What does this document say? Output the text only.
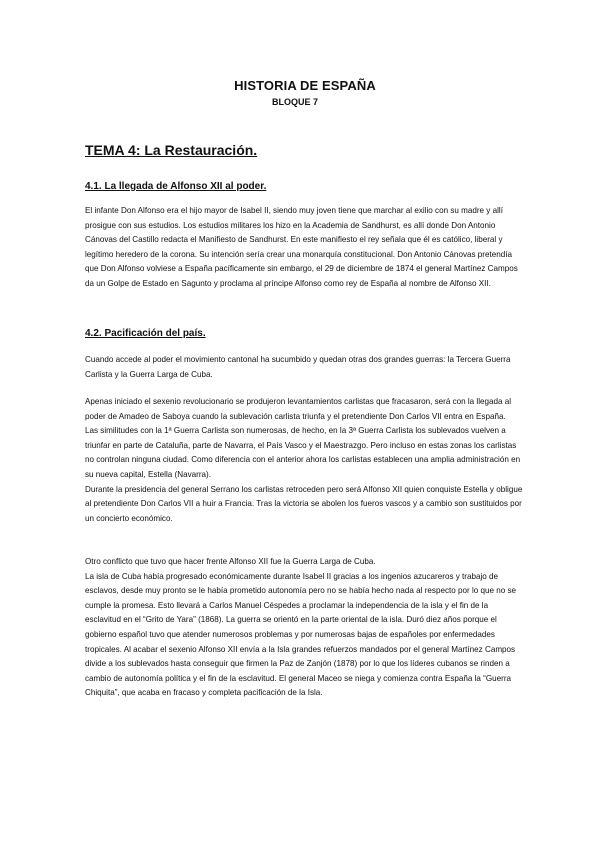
HISTORIA DE ESPAÑA
BLOQUE 7
TEMA 4: La Restauración.
4.1. La llegada de Alfonso XII al poder.

El infante Don Alfonso era el hijo mayor de Isabel II, siendo muy joven tiene que marchar al exilio con su madre y allí prosigue con sus estudios. Los estudios militares los hizo en la Academia de Sandhurst, es allí donde Don Antonio Cánovas del Castillo redacta el Manifiesto de Sandhurst. En este manifiesto el rey señala que él es católico, liberal y legítimo heredero de la corona. Su intención sería crear una monarquía constitucional. Don Antonio Cánovas pretendía que Don Alfonso volviese a España pacíficamente sin embargo, el 29 de diciembre de 1874 el general Martínez Campos da un Golpe de Estado en Sagunto y proclama al príncipe Alfonso como rey de España al nombre de Alfonso XII.

4.2. Pacificación del país.

Cuando accede al poder el movimiento cantonal ha sucumbido y quedan otras dos grandes guerras: la Tercera Guerra Carlista y la Guerra Larga de Cuba.

Apenas iniciado el sexenio revolucionario se produjeron levantamientos carlistas que fracasaron, será con la llegada al poder de Amadeo de Saboya cuando la sublevación carlista triunfa y el pretendiente Don Carlos VII entra en España.

Las similitudes con la 1ª Guerra Carlista son numerosas, de hecho, en la 3ª Guerra Carlista los sublevados vuelven a triunfar en parte de Cataluña, parte de Navarra, el País Vasco y el Maestrazgo. Pero incluso en estas zonas los carlistas no controlan ninguna ciudad. Como diferencia con el anterior ahora los carlistas establecen una amplia administración en su nueva capital, Estella (Navarra).

Durante la presidencia del general Serrano los carlistas retroceden pero será Alfonso XII quien conquiste Estella y obligue al pretendiente Don Carlos VII a huir a Francia. Tras la victoria se abolen los fueros vascos y a cambio son sustituidos por un concierto económico.

Otro conflicto que tuvo que hacer frente Alfonso XII fue la Guerra Larga de Cuba.

La isla de Cuba había progresado económicamente durante Isabel II gracias a los ingenios azucareros y trabajo de esclavos, desde muy pronto se le había prometido autonomía pero no se había hecho nada al respecto por lo que no se cumple la promesa. Esto llevará a Carlos Manuel Céspedes a proclamar la independencia de la isla y el fin de la esclavitud en el “Grito de Yara” (1868). La guerra se orientó en la parte oriental de la isla. Duró diez años porque el gobierno español tuvo que atender numerosos problemas y por numerosas bajas de españoles por enfermedades tropicales. Al acabar el sexenio Alfonso XII envía a la Isla grandes refuerzos mandados por el general Martínez Campos divide a los sublevados hasta conseguir que firmen la Paz de Zanjón (1878) por lo que los líderes cubanos se rinden a cambio de autonomía política y el fin de la esclavitud. El general Maceo se niega y comienza contra España la “Guerra Chiquita”, que acaba en fracaso y completa pacificación de la Isla.
